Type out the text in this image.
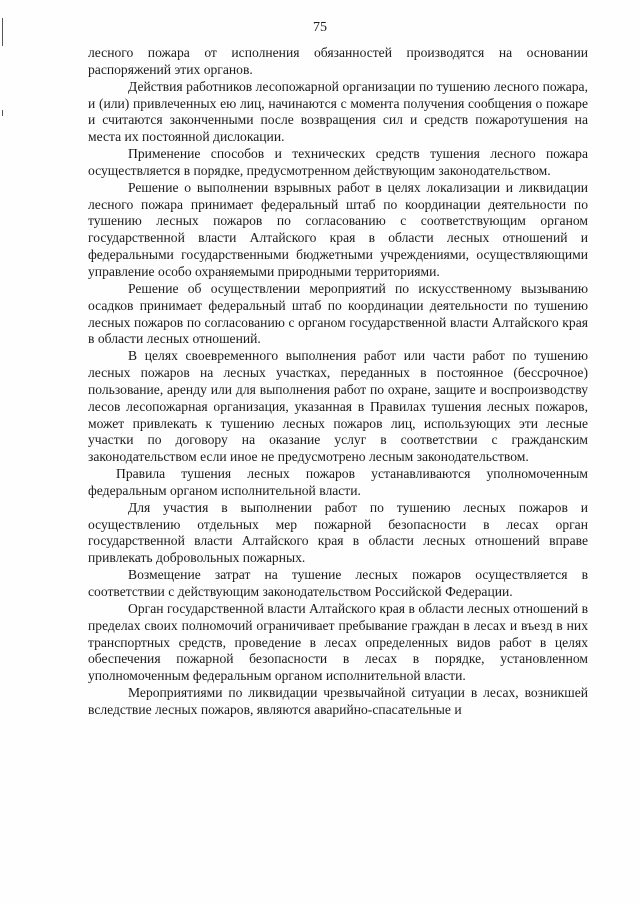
75

лесного пожара от исполнения обязанностей производятся на основании распоряжений этих органов.

Действия работников лесопожарной организации по тушению лесного пожара, и (или) привлеченных ею лиц, начинаются с момента получения сообщения о пожаре и считаются законченными после возвращения сил и средств пожаротушения на места их постоянной дислокации.

Применение способов и технических средств тушения лесного пожара осуществляется в порядке, предусмотренном действующим законодательством.

Решение о выполнении взрывных работ в целях локализации и ликвидации лесного пожара принимает федеральный штаб по координации деятельности по тушению лесных пожаров по согласованию с соответствующим органом государственной власти Алтайского края в области лесных отношений и федеральными государственными бюджетными учреждениями, осуществляющими управление особо охраняемыми природными территориями.

Решение об осуществлении мероприятий по искусственному вызыванию осадков принимает федеральный штаб по координации деятельности по тушению лесных пожаров по согласованию с органом государственной власти Алтайского края в области лесных отношений.

В целях своевременного выполнения работ или части работ по тушению лесных пожаров на лесных участках, переданных в постоянное (бессрочное) пользование, аренду или для выполнения работ по охране, защите и воспроизводству лесов лесопожарная организация, указанная в Правилах тушения лесных пожаров, может привлекать к тушению лесных пожаров лиц, использующих эти лесные участки по договору на оказание услуг в соответствии с гражданским законодательством если иное не предусмотрено лесным законодательством.

Правила тушения лесных пожаров устанавливаются уполномоченным федеральным органом исполнительной власти.

Для участия в выполнении работ по тушению лесных пожаров и осуществлению отдельных мер пожарной безопасности в лесах орган государственной власти Алтайского края в области лесных отношений вправе привлекать добровольных пожарных.

Возмещение затрат на тушение лесных пожаров осуществляется в соответствии с действующим законодательством Российской Федерации.

Орган государственной власти Алтайского края в области лесных отношений в пределах своих полномочий ограничивает пребывание граждан в лесах и въезд в них транспортных средств, проведение в лесах определенных видов работ в целях обеспечения пожарной безопасности в лесах в порядке, установленном уполномоченным федеральным органом исполнительной власти.

Мероприятиями по ликвидации чрезвычайной ситуации в лесах, возникшей вследствие лесных пожаров, являются аварийно-спасательные и
